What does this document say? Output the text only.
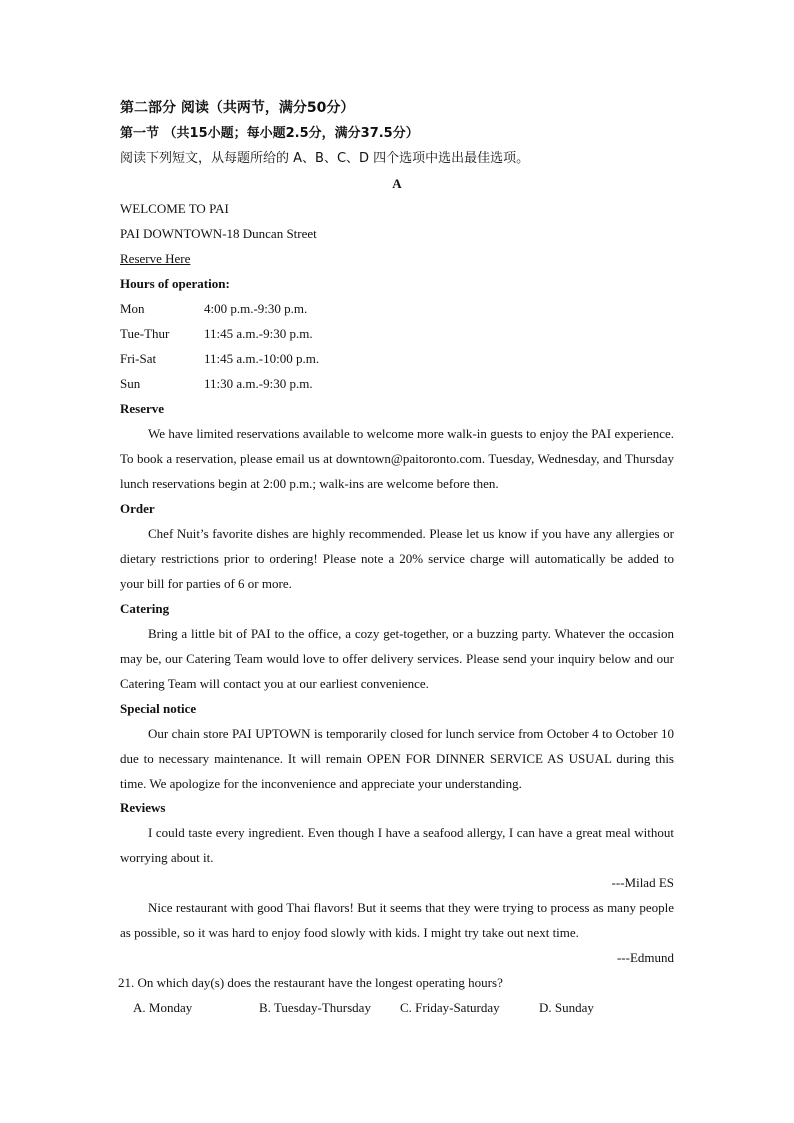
第二部分 阅读（共两节，满分50分）
第一节 （共15小题；每小题2.5分，满分37.5分）
阅读下列短文，从每题所给的 A、B、C、D 四个选项中选出最佳选项。
A
WELCOME TO PAI
PAI DOWNTOWN-18 Duncan Street
Reserve Here
Hours of operation:
Mon	4:00 p.m.-9:30 p.m.
Tue-Thur	11:45 a.m.-9:30 p.m.
Fri-Sat	11:45 a.m.-10:00 p.m.
Sun	11:30 a.m.-9:30 p.m.
Reserve

We have limited reservations available to welcome more walk-in guests to enjoy the PAI experience. To book a reservation, please email us at downtown@paitoronto.com. Tuesday, Wednesday, and Thursday lunch reservations begin at 2:00 p.m.; walk-ins are welcome before then.

Order

Chef Nuit’s favorite dishes are highly recommended. Please let us know if you have any allergies or dietary restrictions prior to ordering! Please note a 20% service charge will automatically be added to your bill for parties of 6 or more.

Catering

Bring a little bit of PAI to the office, a cozy get-together, or a buzzing party. Whatever the occasion may be, our Catering Team would love to offer delivery services. Please send your inquiry below and our Catering Team will contact you at our earliest convenience.

Special notice

Our chain store PAI UPTOWN is temporarily closed for lunch service from October 4 to October 10 due to necessary maintenance. It will remain OPEN FOR DINNER SERVICE AS USUAL during this time. We apologize for the inconvenience and appreciate your understanding.

Reviews

I could taste every ingredient. Even though I have a seafood allergy, I can have a great meal without worrying about it.

---Milad ES

Nice restaurant with good Thai flavors! But it seems that they were trying to process as many people as possible, so it was hard to enjoy food slowly with kids. I might try take out next time.

---Edmund
21. On which day(s) does the restaurant have the longest operating hours?
A. Monday	B. Tuesday-Thursday C. Friday-Saturday	D. Sunday
